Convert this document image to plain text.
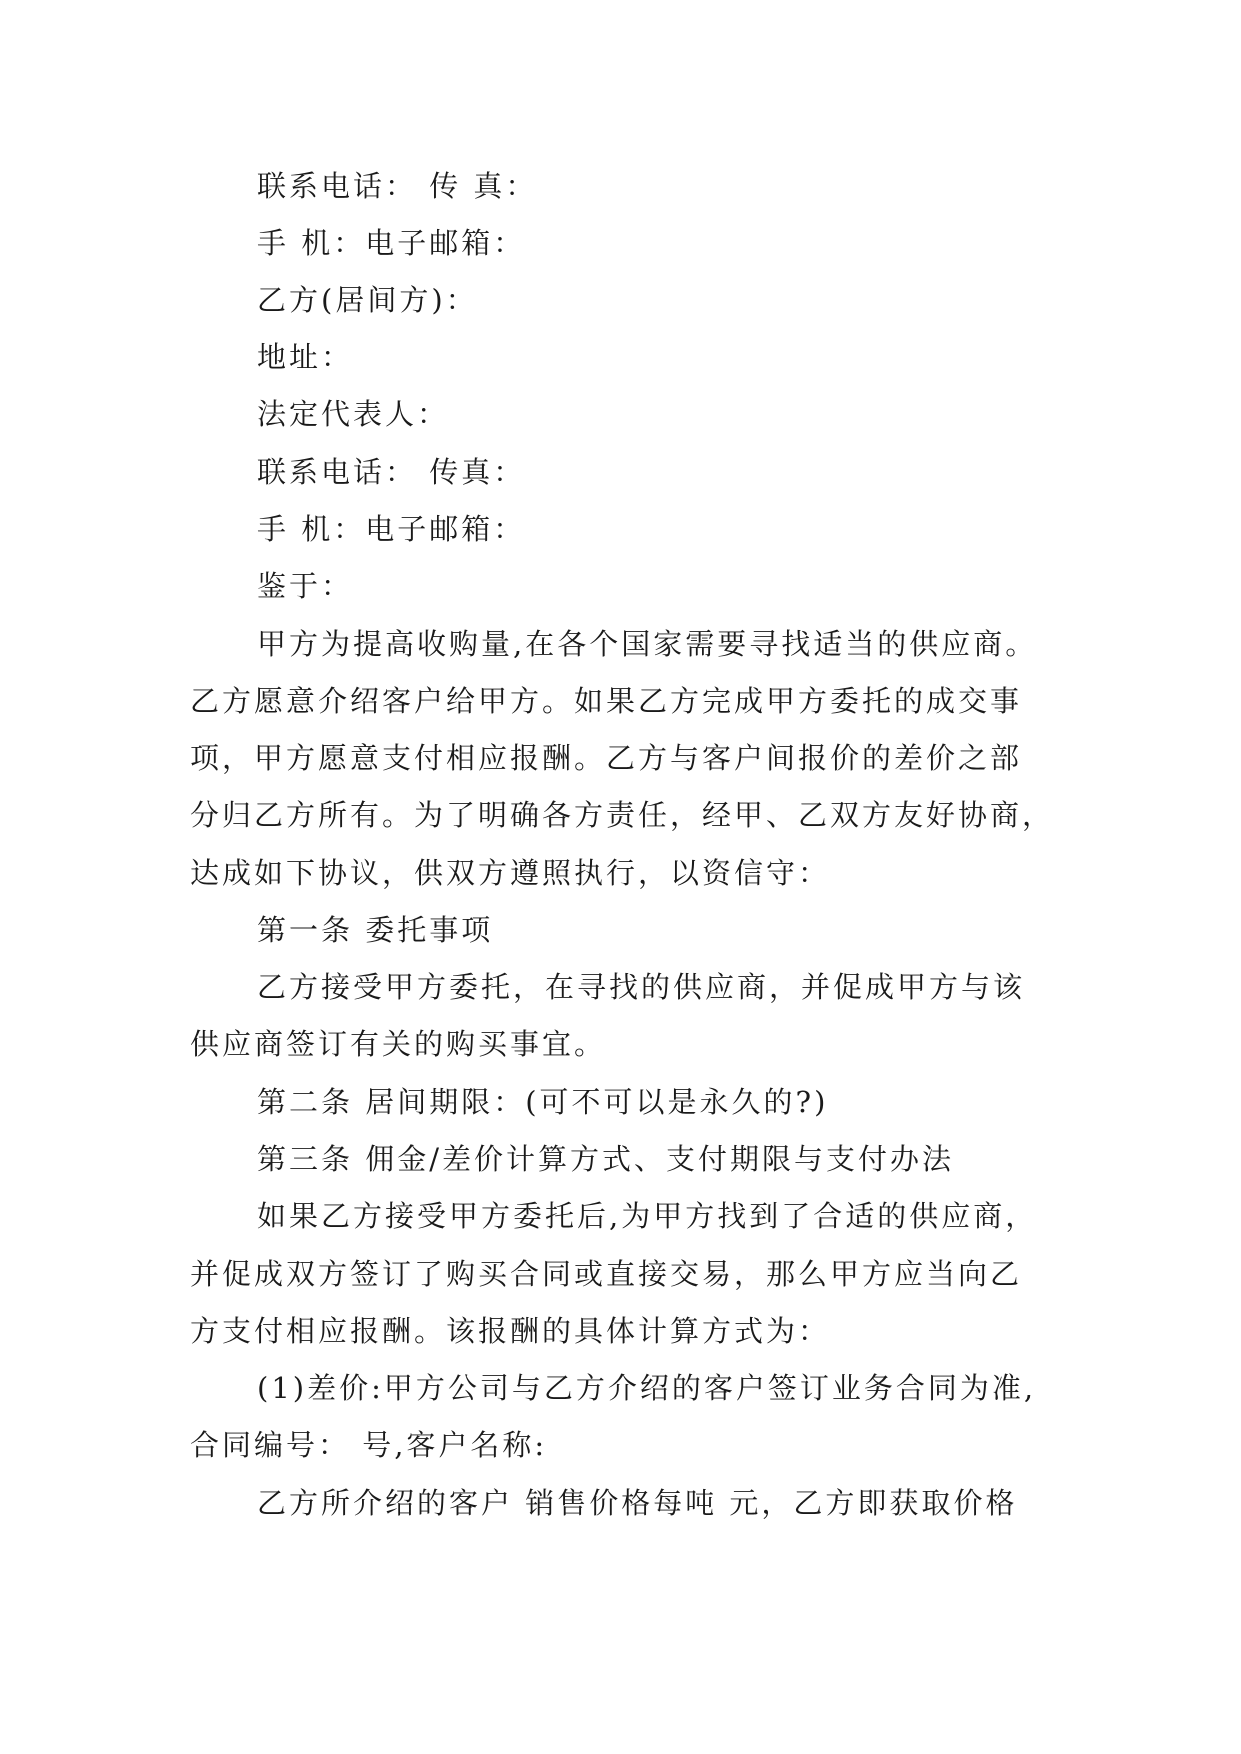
联系电话： 传 真：
手 机：电子邮箱：
乙方(居间方)：
地址：
法定代表人：
联系电话： 传真：
手 机：电子邮箱：
鉴于：
甲方为提高收购量,在各个国家需要寻找适当的供应商。
乙方愿意介绍客户给甲方。如果乙方完成甲方委托的成交事
项，甲方愿意支付相应报酬。乙方与客户间报价的差价之部
分归乙方所有。为了明确各方责任，经甲、乙双方友好协商，
达成如下协议，供双方遵照执行，以资信守：
第一条 委托事项
乙方接受甲方委托，在寻找的供应商，并促成甲方与该
供应商签订有关的购买事宜。
第二条 居间期限：(可不可以是永久的?)
第三条 佣金/差价计算方式、支付期限与支付办法
如果乙方接受甲方委托后,为甲方找到了合适的供应商，
并促成双方签订了购买合同或直接交易，那么甲方应当向乙
方支付相应报酬。该报酬的具体计算方式为：
(1)差价:甲方公司与乙方介绍的客户签订业务合同为准,
合同编号： 号,客户名称:
乙方所介绍的客户 销售价格每吨 元，乙方即获取价格
